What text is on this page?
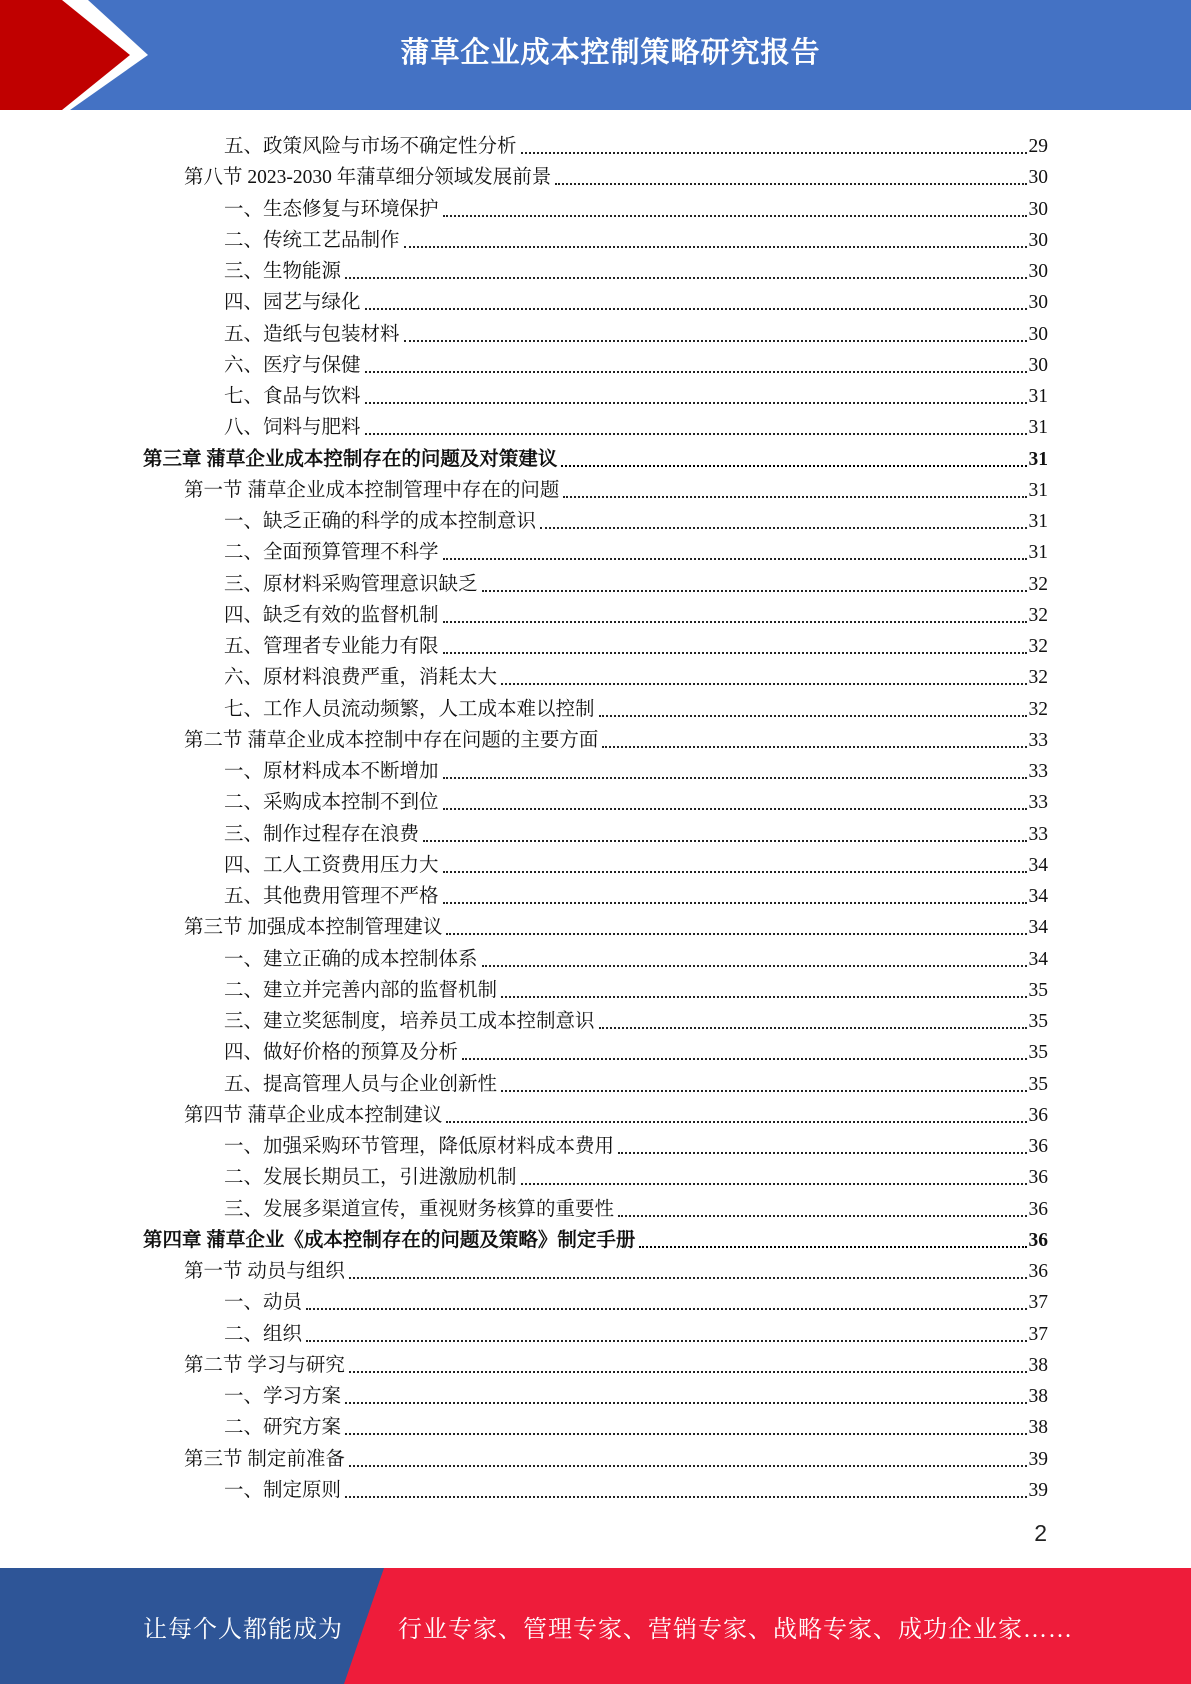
蒲草企业成本控制策略研究报告
五、政策风险与市场不确定性分析	29
第八节 2023-2030 年蒲草细分领域发展前景	30
一、生态修复与环境保护	30
二、传统工艺品制作	30
三、生物能源	30
四、园艺与绿化	30
五、造纸与包装材料	30
六、医疗与保健	30
七、食品与饮料	31
八、饲料与肥料	31
第三章 蒲草企业成本控制存在的问题及对策建议	31
第一节 蒲草企业成本控制管理中存在的问题	31
一、缺乏正确的科学的成本控制意识	31
二、全面预算管理不科学	31
三、原材料采购管理意识缺乏	32
四、缺乏有效的监督机制	32
五、管理者专业能力有限	32
六、原材料浪费严重，消耗太大	32
七、工作人员流动频繁，人工成本难以控制	32
第二节 蒲草企业成本控制中存在问题的主要方面	33
一、原材料成本不断增加	33
二、采购成本控制不到位	33
三、制作过程存在浪费	33
四、工人工资费用压力大	34
五、其他费用管理不严格	34
第三节 加强成本控制管理建议	34
一、建立正确的成本控制体系	34
二、建立并完善内部的监督机制	35
三、建立奖惩制度，培养员工成本控制意识	35
四、做好价格的预算及分析	35
五、提高管理人员与企业创新性	35
第四节 蒲草企业成本控制建议	36
一、加强采购环节管理，降低原材料成本费用	36
二、发展长期员工，引进激励机制	36
三、发展多渠道宣传，重视财务核算的重要性	36
第四章 蒲草企业《成本控制存在的问题及策略》制定手册	36
第一节 动员与组织	36
一、动员	37
二、组织	37
第二节 学习与研究	38
一、学习方案	38
二、研究方案	38
第三节 制定前准备	39
一、制定原则	39
2
让每个人都能成为 行业专家、管理专家、营销专家、战略专家、成功企业家……
